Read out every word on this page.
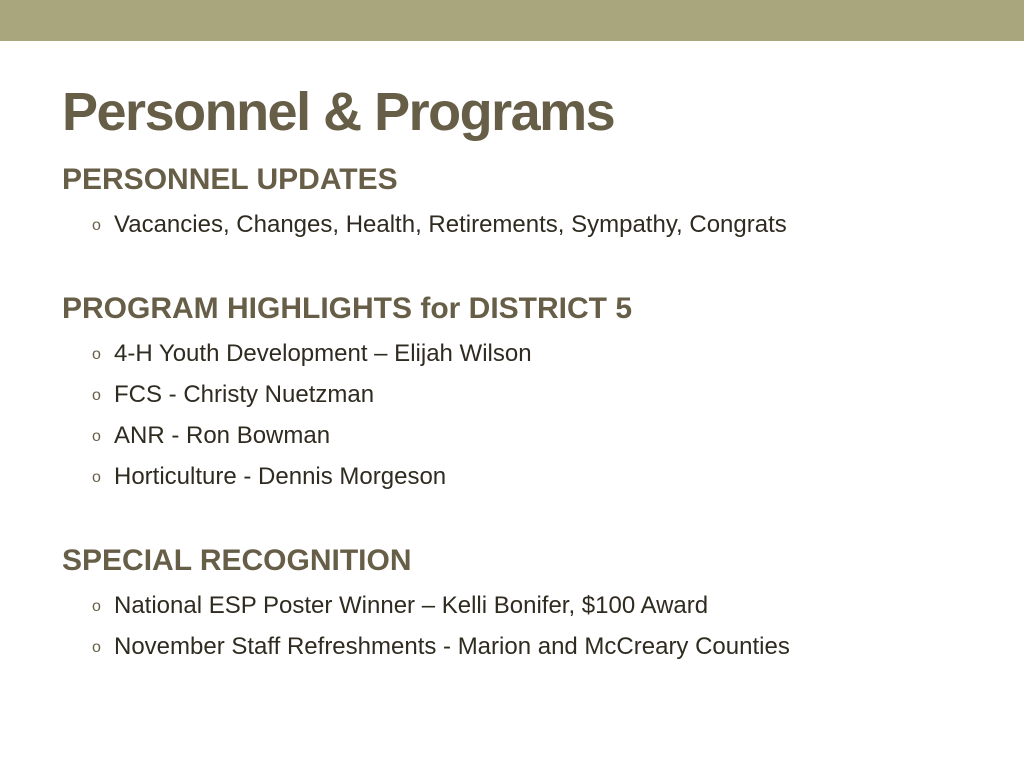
Personnel & Programs
PERSONNEL UPDATES
o Vacancies, Changes, Health, Retirements, Sympathy, Congrats
PROGRAM HIGHLIGHTS for DISTRICT 5
o 4-H Youth Development – Elijah Wilson
o FCS - Christy Nuetzman
o ANR - Ron Bowman
o Horticulture - Dennis Morgeson
SPECIAL RECOGNITION
o National ESP Poster Winner – Kelli Bonifer, $100 Award
o November Staff Refreshments - Marion and McCreary Counties
